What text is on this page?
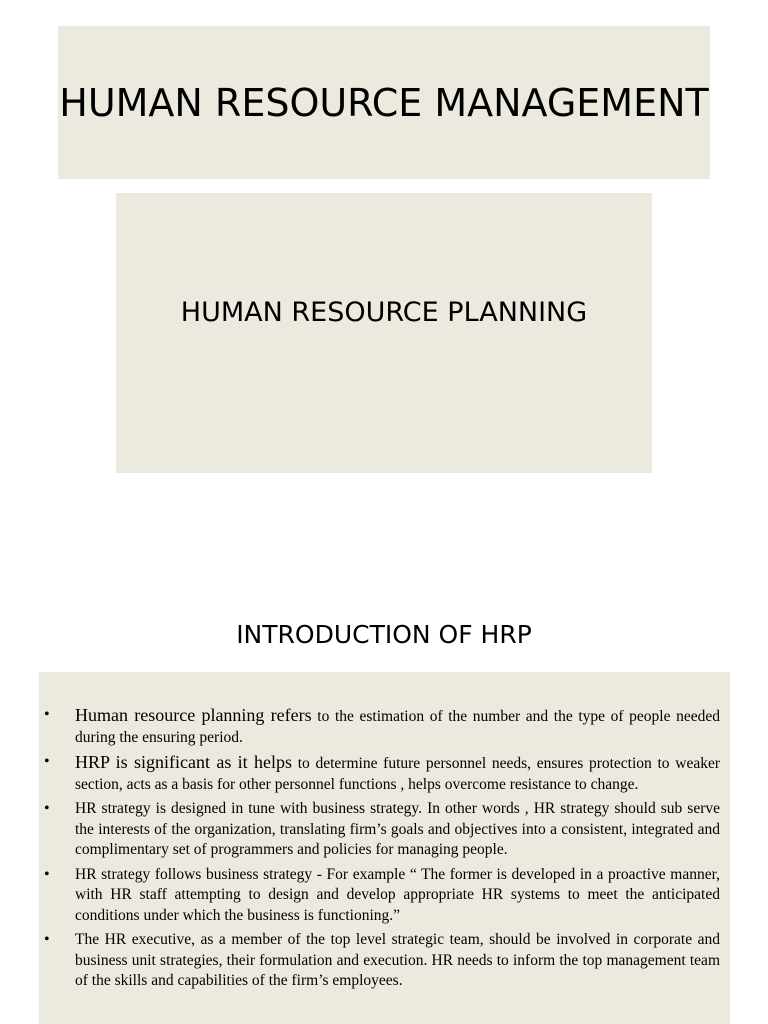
HUMAN RESOURCE MANAGEMENT
HUMAN RESOURCE PLANNING
INTRODUCTION OF HRP
• Human resource planning refers to the estimation of the number and the type of people needed during the ensuring period.
• HRP is significant as it helps to determine future personnel needs, ensures protection to weaker section, acts as a basis for other personnel functions , helps overcome resistance to change.
• HR strategy is designed in tune with business strategy. In other words , HR strategy should sub serve the interests of the organization, translating firm’s goals and objectives into a consistent, integrated and complimentary set of programmers and policies for managing people.
• HR strategy follows business strategy - For example “ The former is developed in a proactive manner, with HR staff attempting to design and develop appropriate HR systems to meet the anticipated conditions under which the business is functioning.”
• The HR executive, as a member of the top level strategic team, should be involved in corporate and business unit strategies, their formulation and execution. HR needs to inform the top management team of the skills and capabilities of the firm’s employees.
